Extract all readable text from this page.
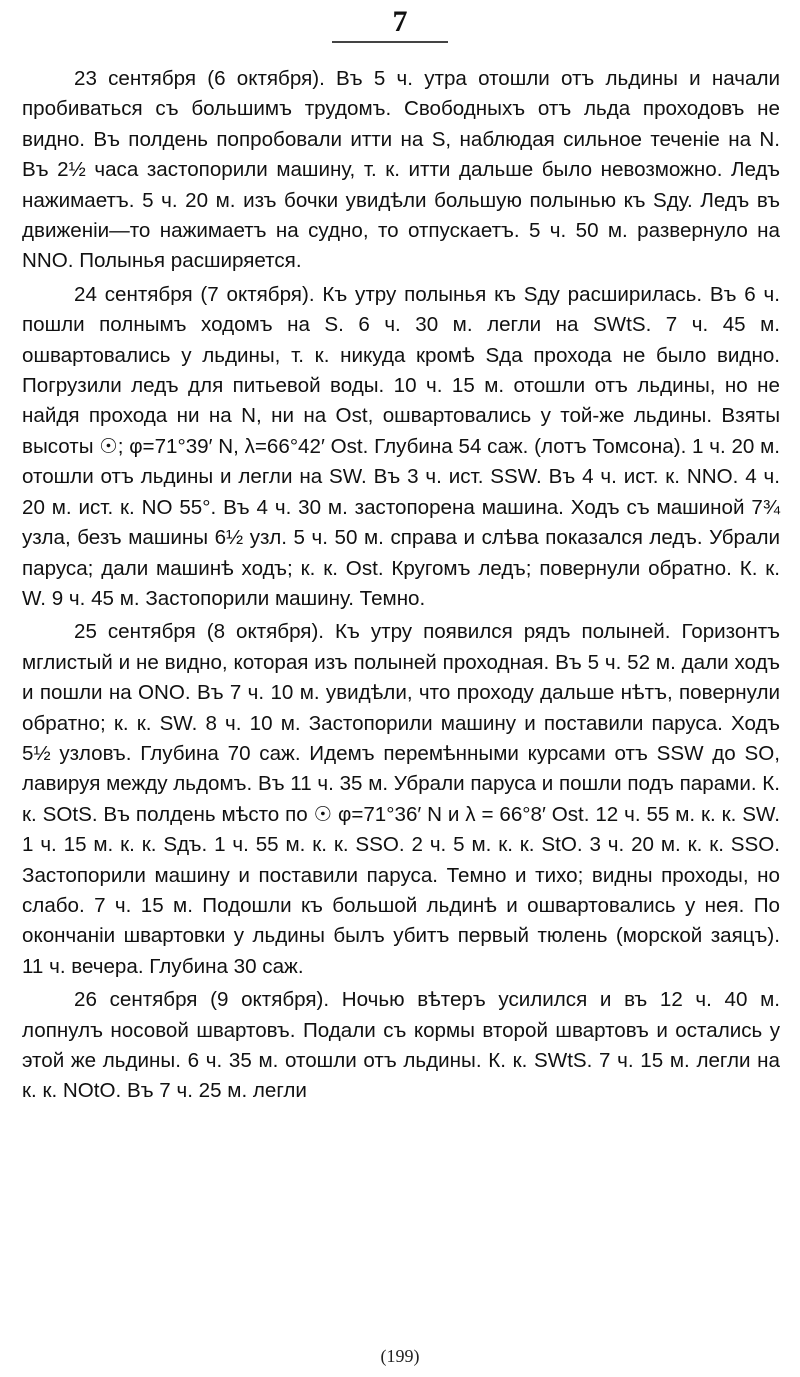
7

23 сентября (6 октября). Въ 5 ч. утра отошли отъ льдины и начали пробиваться съ большимъ трудомъ. Свободныхъ отъ льда проходовъ не видно. Въ полдень попробовали итти на S, наблюдая сильное теченіе на N. Въ 2½ часа застопорили машину, т. к. итти дальше было невозможно. Ледъ нажимаетъ. 5 ч. 20 м. изъ бочки увидѣли большую полынью къ Sду. Ледъ въ движеніи—то нажимаетъ на судно, то отпускаетъ. 5 ч. 50 м. развернуло на NNO. Полынья расширяется.

24 сентября (7 октября). Къ утру полынья къ Sду расширилась. Въ 6 ч. пошли полнымъ ходомъ на S. 6 ч. 30 м. легли на SWtS. 7 ч. 45 м. ошвартовались у льдины, т. к. никуда кромѣ Sда прохода не было видно. Погрузили ледъ для питьевой воды. 10 ч. 15 м. отошли отъ льдины, но не найдя прохода ни на N, ни на Ost, ошвартовались у той-же льдины. Взяты высоты ☉; φ=71°39′ N, λ=66°42′ Ost. Глубина 54 саж. (лотъ Томсона). 1 ч. 20 м. отошли отъ льдины и легли на SW. Въ 3 ч. ист. SSW. Въ 4 ч. ист. к. NNO. 4 ч. 20 м. ист. к. NO 55°. Въ 4 ч. 30 м. застопорена машина. Ходъ съ машиной 7¾ узла, безъ машины 6½ узл. 5 ч. 50 м. справа и слѣва показался ледъ. Убрали паруса; дали машинѣ ходъ; к. к. Ost. Кругомъ ледъ; повернули обратно. К. к. W. 9 ч. 45 м. Застопорили машину. Темно.

25 сентября (8 октября). Къ утру появился рядъ полыней. Горизонтъ мглистый и не видно, которая изъ полыней проходная. Въ 5 ч. 52 м. дали ходъ и пошли на ONO. Въ 7 ч. 10 м. увидѣли, что проходу дальше нѣтъ, повернули обратно; к. к. SW. 8 ч. 10 м. Застопорили машину и поставили паруса. Ходъ 5½ узловъ. Глубина 70 саж. Идемъ перемѣнными курсами отъ SSW до SO, лавируя между льдомъ. Въ 11 ч. 35 м. Убрали паруса и пошли подъ парами. К. к. SOtS. Въ полдень мѣсто по ☉ φ=71°36′ N и λ = 66°8′ Ost. 12 ч. 55 м. к. к. SW. 1 ч. 15 м. к. к. Sдъ. 1 ч. 55 м. к. к. SSO. 2 ч. 5 м. к. к. StO. 3 ч. 20 м. к. к. SSO. Застопорили машину и поставили паруса. Темно и тихо; видны проходы, но слабо. 7 ч. 15 м. Подошли къ большой льдинѣ и ошвартовались у нея. По окончаніи швартовки у льдины былъ убитъ первый тюлень (морской заяцъ). 11 ч. вечера. Глубина 30 саж.

26 сентября (9 октября). Ночью вѣтеръ усилился и въ 12 ч. 40 м. лопнулъ носовой швартовъ. Подали съ кормы второй швартовъ и остались у этой же льдины. 6 ч. 35 м. отошли отъ льдины. К. к. SWtS. 7 ч. 15 м. легли на к. к. NOtO. Въ 7 ч. 25 м. легли

(199)
